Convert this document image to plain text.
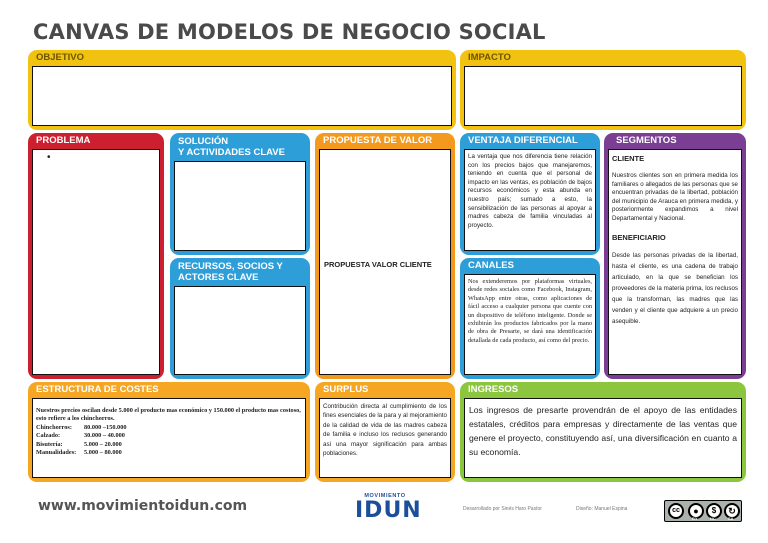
CANVAS DE MODELOS DE NEGOCIO SOCIAL
OBJETIVO	IMPACTO
PROBLEMA
•
SOLUCIÓN
Y ACTIVIDADES CLAVE
RECURSOS, SOCIOS Y
ACTORES CLAVE
PROPUESTA DE VALOR
PROPUESTA VALOR CLIENTE
VENTAJA DIFERENCIAL
La ventaja que nos diferencia tiene relación con los precios bajos que manejaremos, teniendo en cuenta que el personal de impacto en las ventas, es población de bajos recursos económicos y esta abunda en nuestro país; sumado a esto, la sensibilización de las personas al apoyar a madres cabeza de familia vinculadas al proyecto.
CANALES
Nos extenderemos por plataformas virtuales, desde redes sociales como Facebook, Instagram, WhatsApp entre otras, como aplicaciones de fácil acceso a cualquier persona que cuente con un dispositivo de teléfono inteligente. Donde se exhibirán los productos fabricados por la mano de obra de Presarte, se dará una identificación detallada de cada producto, así como del precio.
SEGMENTOS
CLIENTE
Nuestros clientes son en primera medida los familiares o allegados de las personas que se encuentran privadas de la libertad, población del municipio de Arauca en primera medida, y posteriormente expandimos a nivel Departamental y Nacional.
BENEFICIARIO
Desde las personas privadas de la libertad, hasta el cliente, es una cadena de trabajo articulado, en la que se benefician los proveedores de la materia prima, los reclusos que la transforman, las madres que las venden y el cliente que adquiere a un precio asequible.
ESTRUCTURA DE COSTES
Nuestros precios oscilan desde 5.000 el producto mas económico y 150.000 el producto mas costoso, esto refiere a los chinchorros.
Chinchorros:	80.000 –150.000
Calzado:	30.000 – 40.000
Bisutería:	5.000 – 20.000
Manualidades:	5.000 – 80.000
SURPLUS
Contribución directa al cumplimiento de los fines esenciales de la para y al mejoramiento de la calidad de vida de las madres cabeza de familia e incluso los reclusos generando así una mayor significación para ambas poblaciones.
INGRESOS
Los ingresos de presarte provendrán de el apoyo de las entidades estatales, créditos para empresas y directamente de las ventas que genere el proyecto, constituyendo así, una diversificación en cuanto a su economía.
www.movimientoidun.com
MOVIMIENTO
IDUN	Desarrollado por Sinés Haro Pastor	Diseño: Manuel Espina	cc	●	$	↻
BY	NC	SA
